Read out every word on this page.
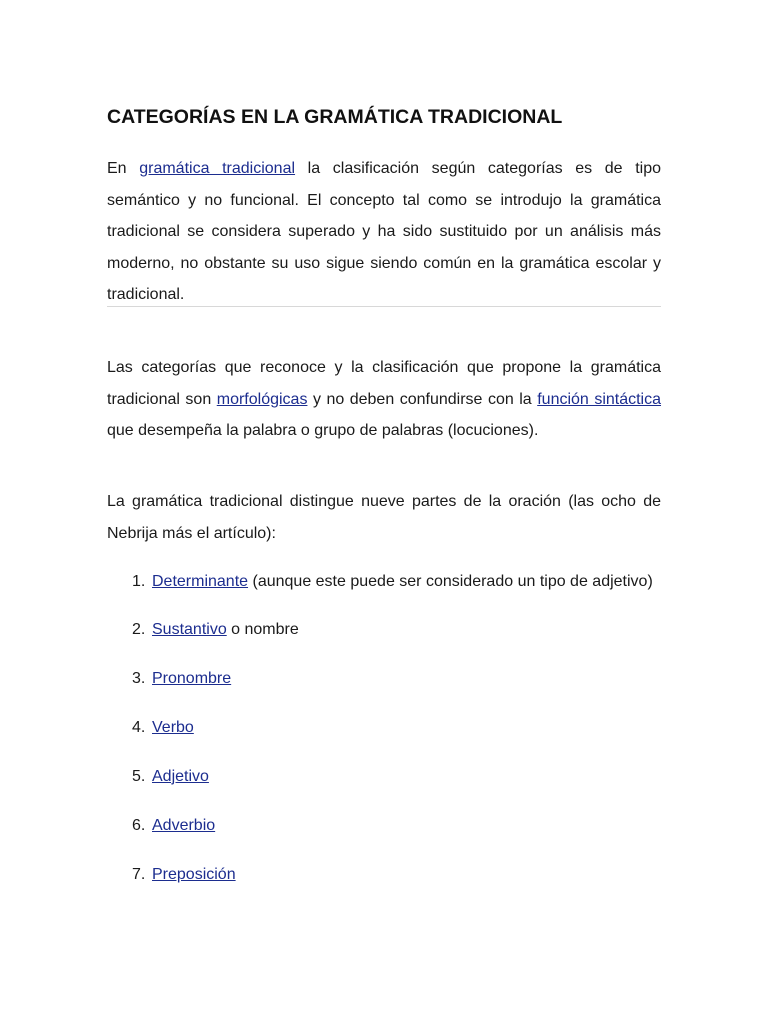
CATEGORÍAS EN LA GRAMÁTICA TRADICIONAL

En gramática tradicional la clasificación según categorías es de tipo semántico y no funcional. El concepto tal como se introdujo la gramática tradicional se considera superado y ha sido sustituido por un análisis más moderno, no obstante su uso sigue siendo común en la gramática escolar y tradicional.

Las categorías que reconoce y la clasificación que propone la gramática tradicional son morfológicas y no deben confundirse con la función sintáctica que desempeña la palabra o grupo de palabras (locuciones).

La gramática tradicional distingue nueve partes de la oración (las ocho de Nebrija más el artículo):

1. Determinante (aunque este puede ser considerado un tipo de adjetivo)
2. Sustantivo o nombre
3. Pronombre
4. Verbo
5. Adjetivo
6. Adverbio
7. Preposición
